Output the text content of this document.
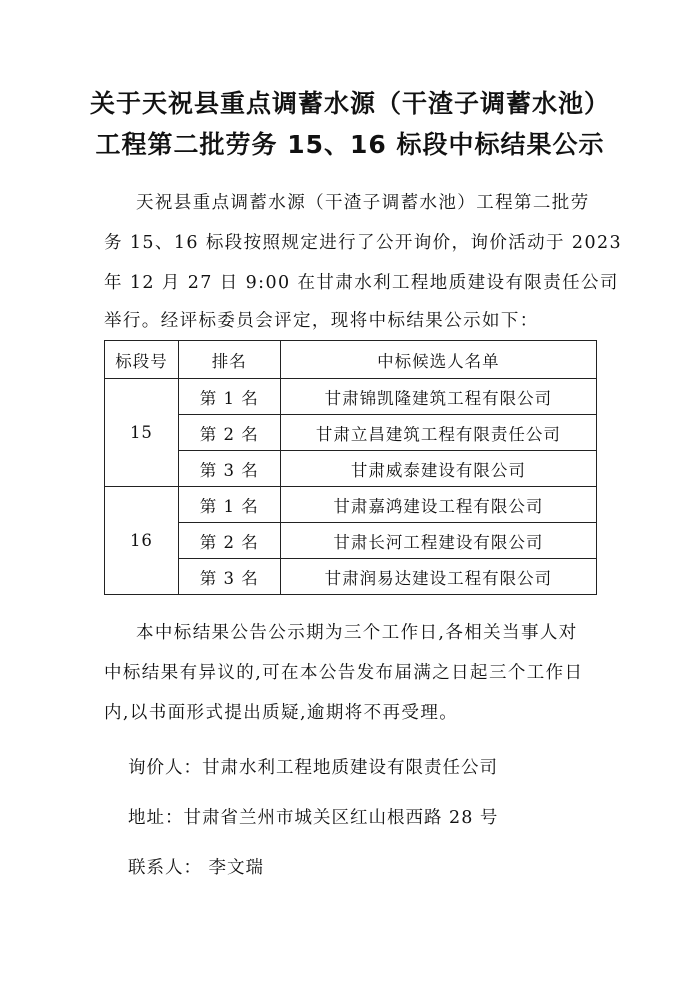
关于天祝县重点调蓄水源（干渣子调蓄水池）
工程第二批劳务 15、16 标段中标结果公示
天祝县重点调蓄水源（干渣子调蓄水池）工程第二批劳
务 15、16 标段按照规定进行了公开询价，询价活动于 2023
年 12 月 27 日 9:00 在甘肃水利工程地质建设有限责任公司
举行。经评标委员会评定，现将中标结果公示如下：
标段号	排名	中标候选人名单
15	第 1 名	甘肃锦凯隆建筑工程有限公司
	第 2 名	甘肃立昌建筑工程有限责任公司
	第 3 名	甘肃威泰建设有限公司
16	第 1 名	甘肃嘉鸿建设工程有限公司
	第 2 名	甘肃长河工程建设有限公司
	第 3 名	甘肃润易达建设工程有限公司
本中标结果公告公示期为三个工作日,各相关当事人对
中标结果有异议的,可在本公告发布届满之日起三个工作日
内,以书面形式提出质疑,逾期将不再受理。
询价人：甘肃水利工程地质建设有限责任公司
地址：甘肃省兰州市城关区红山根西路 28 号
联系人： 李文瑞
